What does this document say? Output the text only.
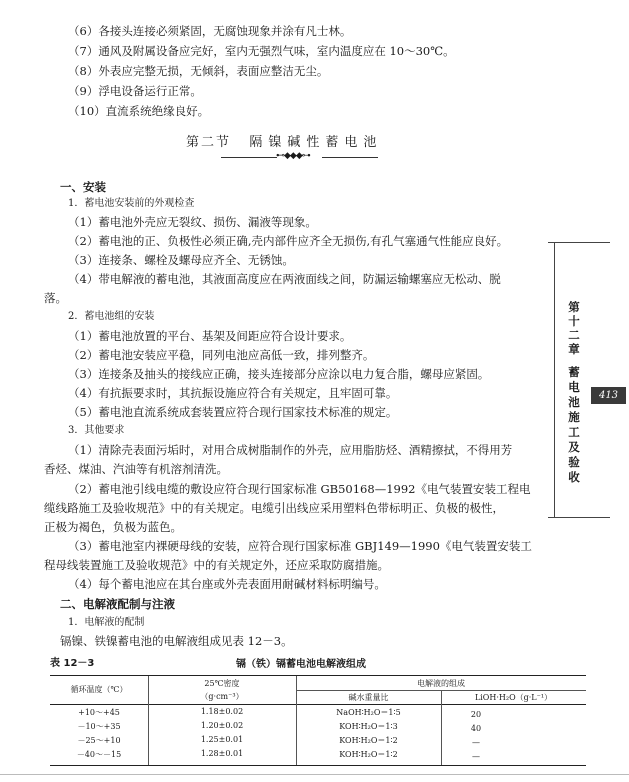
（6）各接头连接必须紧固，无腐蚀现象并涂有凡士林。
（7）通风及附属设备应完好，室内无强烈气味，室内温度应在 10～30℃。
（8）外表应完整无损，无倾斜，表面应整洁无尘。
（9）浮电设备运行正常。
（10）直流系统绝缘良好。
第二节 隔镍碱性蓄电池
⊷◆◆◆⊶
一、安装
1．蓄电池安装前的外观检查
（1）蓄电池外壳应无裂纹、损伤、漏液等现象。
（2）蓄电池的正、负极性必须正确,壳内部件应齐全无损伤,有孔气塞通气性能应良好。
（3）连接条、螺栓及螺母应齐全、无锈蚀。
（4）带电解液的蓄电池，其液面高度应在两液面线之间，防漏运输螺塞应无松动、脱
落。
2．蓄电池组的安装
（1）蓄电池放置的平台、基架及间距应符合设计要求。
（2）蓄电池安装应平稳，同列电池应高低一致，排列整齐。
（3）连接条及抽头的接线应正确，接头连接部分应涂以电力复合脂，螺母应紧固。
（4）有抗振要求时，其抗振设施应符合有关规定，且牢固可靠。
（5）蓄电池直流系统成套装置应符合现行国家技术标准的规定。
3．其他要求
（1）清除壳表面污垢时，对用合成树脂制作的外壳，应用脂肪烃、酒精擦拭，不得用芳
香烃、煤油、汽油等有机溶剂清洗。
（2）蓄电池引线电缆的敷设应符合现行国家标准 GB50168—1992《电气装置安装工程电
缆线路施工及验收规范》中的有关规定。电缆引出线应采用塑料色带标明正、负极的极性，
正极为褐色，负极为蓝色。
（3）蓄电池室内裸硬母线的安装，应符合现行国家标准 GBJ149—1990《电气装置安装工
程母线装置施工及验收规范》中的有关规定外，还应采取防腐措施。
（4）每个蓄电池应在其台座或外壳表面用耐碱材料标明编号。
二、电解液配制与注液
1．电解液的配制
镉镍、铁镍蓄电池的电解液组成见表 12－3。
表 12－3	镉（铁）镉蓄电池电解液组成
循环温度（℃）
25℃密度
（g·cm⁻³）
电解液的组成
碱水重量比	LiOH·H₂O（g·L⁻¹）
+10～+45	1.18±0.02	NaOH∶H₂O＝1∶5	20
－10～+35	1.20±0.02	KOH∶H₂O＝1∶3	40
－25～+10	1.25±0.01	KOH∶H₂O＝1∶2	—
－40～－15	1.28±0.01	KOH∶H₂O＝1∶2	—
第
十
二
章
蓄
电
池
施
工
及
验
收
413
